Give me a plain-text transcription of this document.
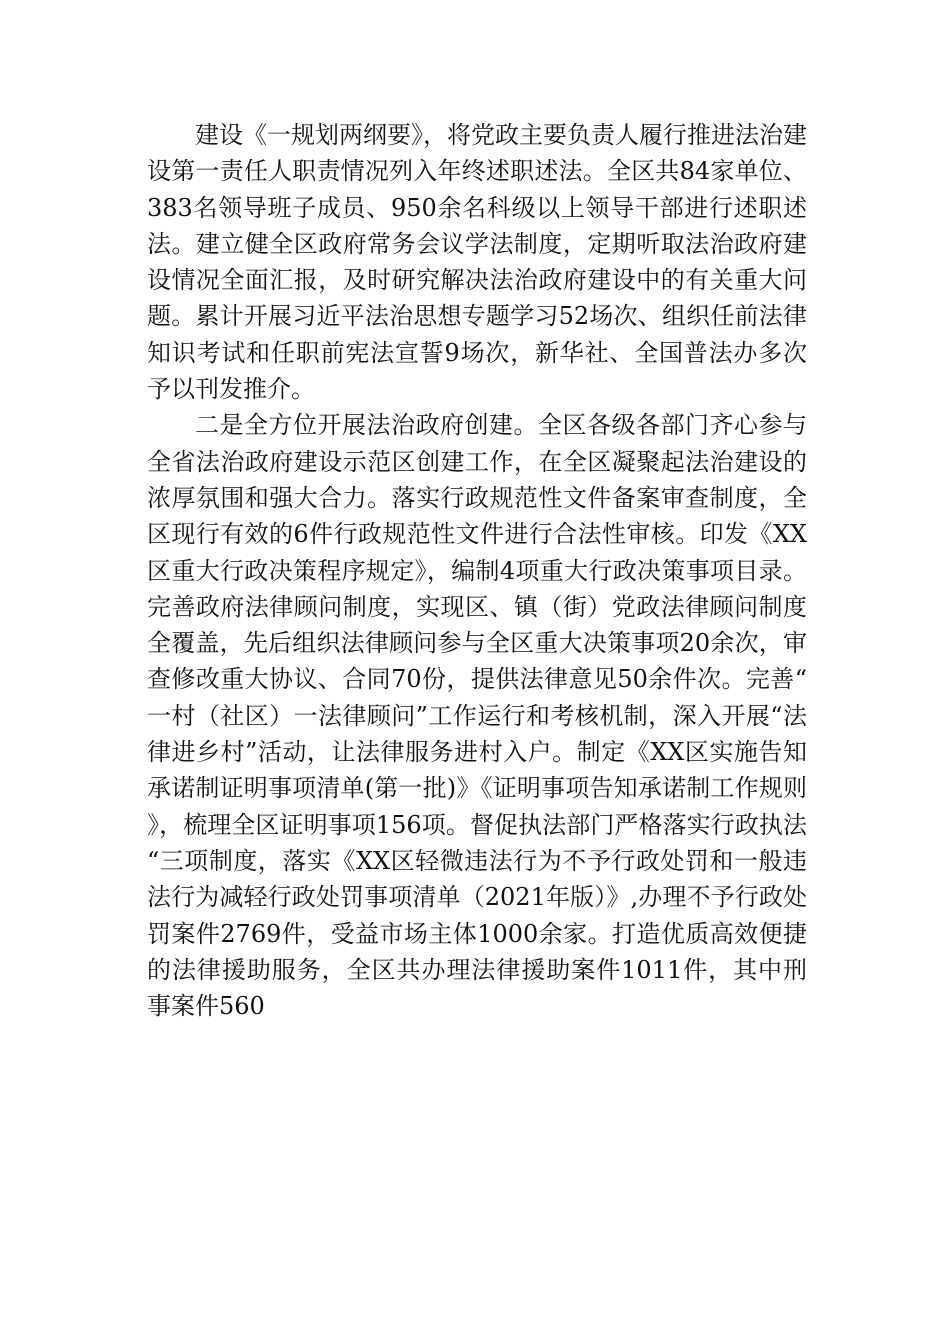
建设《一规划两纲要》，将党政主要负责人履行推进法治建设第一责任人职责情况列入年终述职述法。全区共84家单位、383名领导班子成员、950余名科级以上领导干部进行述职述法。建立健全区政府常务会议学法制度，定期听取法治政府建设情况全面汇报，及时研究解决法治政府建设中的有关重大问题。累计开展习近平法治思想专题学习52场次、组织任前法律知识考试和任职前宪法宣誓9场次，新华社、全国普法办多次予以刊发推介。

二是全方位开展法治政府创建。全区各级各部门齐心参与全省法治政府建设示范区创建工作，在全区凝聚起法治建设的浓厚氛围和强大合力。落实行政规范性文件备案审查制度，全区现行有效的6件行政规范性文件进行合法性审核。印发《XX区重大行政决策程序规定》，编制4项重大行政决策事项目录。完善政府法律顾问制度，实现区、镇（街）党政法律顾问制度全覆盖，先后组织法律顾问参与全区重大决策事项20余次，审查修改重大协议、合同70份，提供法律意见50余件次。完善“一村（社区）一法律顾问”工作运行和考核机制，深入开展“法律进乡村”活动，让法律服务进村入户。制定《XX区实施告知承诺制证明事项清单(第一批)》《证明事项告知承诺制工作规则》，梳理全区证明事项156项。督促执法部门严格落实行政执法“三项制度，落实《XX区轻微违法行为不予行政处罚和一般违法行为减轻行政处罚事项清单（2021年版）》,办理不予行政处罚案件2769件，受益市场主体1000余家。打造优质高效便捷的法律援助服务，全区共办理法律援助案件1011件，其中刑事案件560
